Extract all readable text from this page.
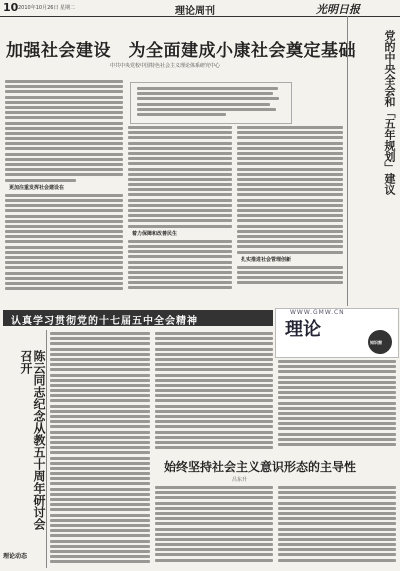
10 2010年10月26日 星期二	理论周刊	光明日报
加强社会建设　为全面建成小康社会奠定基础
中共中央党校中国特色社会主义理论体系研究中心
更加注重发挥社会建设在
着力保障和改善民生
扎实推进社会管理创新
党的中央全会和「五年规划」建议
认真学习贯彻党的十七届五中全会精神
WWW.GMW.CN
理论
知识窗
陈云同志纪念从教五十周年研讨会召开
始终坚持社会主义意识形态的主导性
吕东升
理论动态
